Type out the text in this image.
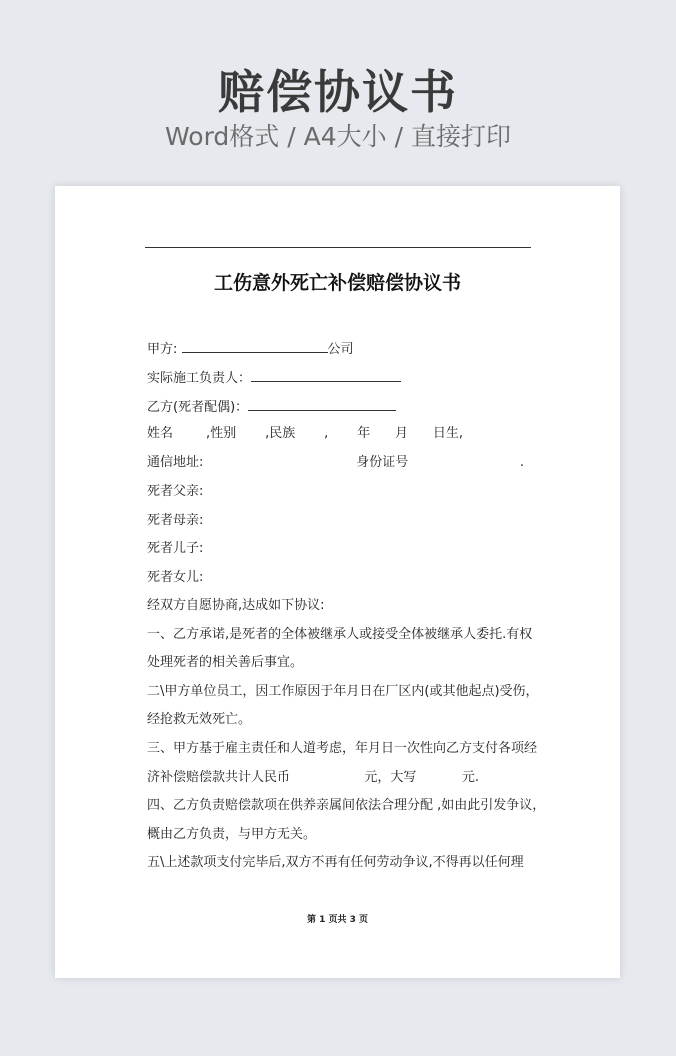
赔偿协议书
Word格式 / A4大小 / 直接打印
工伤意外死亡补偿赔偿协议书
甲方:	公司
实际施工负责人：
乙方(死者配偶)：
姓名        ,性别       ,民族       ,       年      月      日生,
通信地址:                                     身份证号                           .
死者父亲:
死者母亲:
死者儿子:
死者女儿:
经双方自愿协商,达成如下协议:
一、乙方承诺,是死者的全体被继承人或接受全体被继承人委托.有权
处理死者的相关善后事宜。
二\甲方单位员工，因工作原因于年月日在厂区内(或其他起点)受伤，
经抢救无效死亡。
三、甲方基于雇主责任和人道考虑，年月日一次性向乙方支付各项经
济补偿赔偿款共计人民币                  元，大写           元.
四、乙方负责赔偿款项在供养亲属间依法合理分配 ,如由此引发争议，
概由乙方负责，与甲方无关。
五\上述款项支付完毕后,双方不再有任何劳动争议,不得再以任何理
第 1 页共 3 页
